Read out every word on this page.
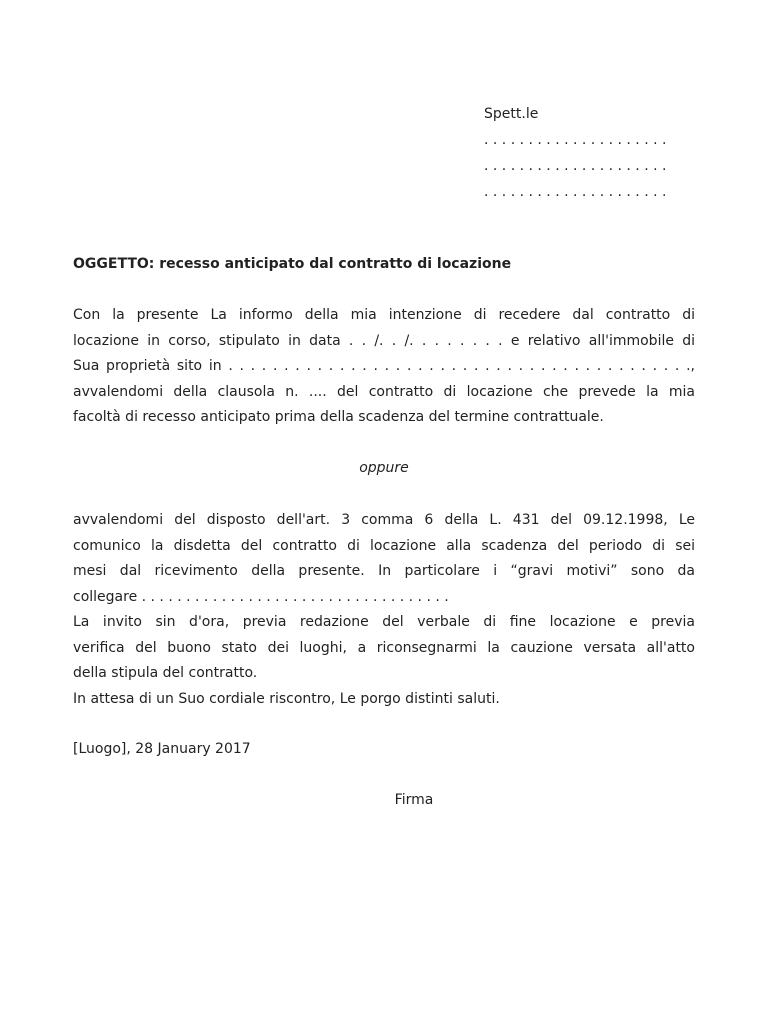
Spett.le
. . . . . . . . . . . . . . . . . . . . .
. . . . . . . . . . . . . . . . . . . . .
. . . . . . . . . . . . . . . . . . . . .
OGGETTO: recesso anticipato dal contratto di locazione
Con la presente La informo della mia intenzione di recedere dal contratto di
locazione in corso, stipulato in data . . /. . /. . . . . . . . e relativo all'immobile di
Sua proprietà sito in . . . . . . . . . . . . . . . . . . . . . . . . . . . . . . . . . . . . . . . . . .,
avvalendomi della clausola n. .... del contratto di locazione che prevede la mia
facoltà di recesso anticipato prima della scadenza del termine contrattuale.
oppure
avvalendomi del disposto dell'art. 3 comma 6 della L. 431 del 09.12.1998, Le
comunico la disdetta del contratto di locazione alla scadenza del periodo di sei
mesi dal ricevimento della presente. In particolare i “gravi motivi” sono da
collegare . . . . . . . . . . . . . . . . . . . . . . . . . . . . . . . . . . .
La invito sin d'ora, previa redazione del verbale di fine locazione e previa
verifica del buono stato dei luoghi, a riconsegnarmi la cauzione versata all'atto
della stipula del contratto.
In attesa di un Suo cordiale riscontro, Le porgo distinti saluti.
[Luogo], 28 January 2017
Firma
